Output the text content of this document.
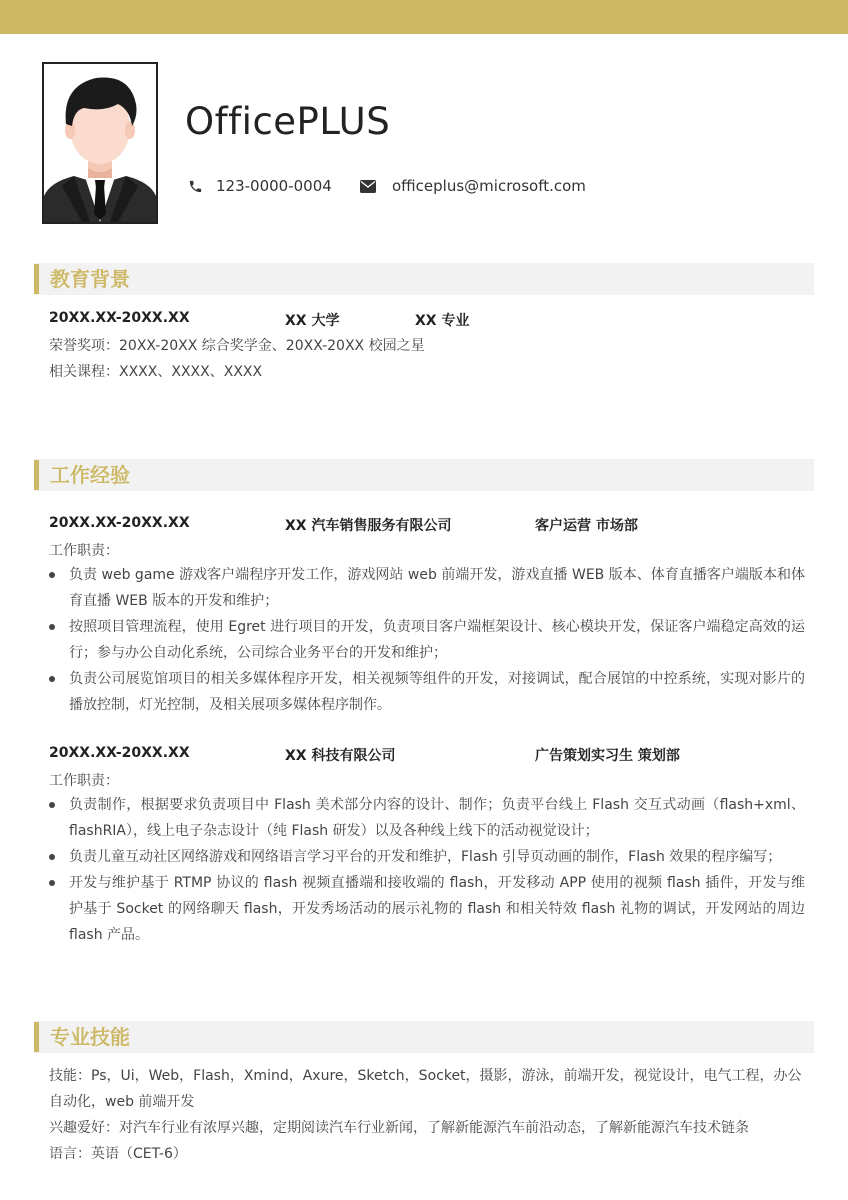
OfficePLUS
123-0000-0004	officeplus@microsoft.com
教育背景
20XX.XX-20XX.XX	XX 大学	XX 专业
荣誉奖项：20XX-20XX 综合奖学金、20XX-20XX 校园之星
相关课程：XXXX、XXXX、XXXX
工作经验
20XX.XX-20XX.XX	XX 汽车销售服务有限公司	客户运营 市场部
工作职责：
负责 web game 游戏客户端程序开发工作，游戏网站 web 前端开发，游戏直播 WEB 版本、体育直播客户端版本和体育直播 WEB 版本的开发和维护；
按照项目管理流程，使用 Egret 进行项目的开发，负责项目客户端框架设计、核心模块开发，保证客户端稳定高效的运行；参与办公自动化系统，公司综合业务平台的开发和维护；
负责公司展览馆项目的相关多媒体程序开发，相关视频等组件的开发，对接调试，配合展馆的中控系统，实现对影片的播放控制，灯光控制，及相关展项多媒体程序制作。
20XX.XX-20XX.XX	XX 科技有限公司	广告策划实习生 策划部
工作职责：
负责制作，根据要求负责项目中 Flash 美术部分内容的设计、制作；负责平台线上 Flash 交互式动画（flash+xml、flashRIA），线上电子杂志设计（纯 Flash 研发）以及各种线上线下的活动视觉设计；
负责儿童互动社区网络游戏和网络语言学习平台的开发和维护，Flash 引导页动画的制作，Flash 效果的程序编写；
开发与维护基于 RTMP 协议的 flash 视频直播端和接收端的 flash，开发移动 APP 使用的视频 flash 插件，开发与维护基于 Socket 的网络聊天 flash，开发秀场活动的展示礼物的 flash 和相关特效 flash 礼物的调试，开发网站的周边 flash 产品。
专业技能
技能：Ps，Ui，Web，Flash，Xmind，Axure，Sketch，Socket，摄影，游泳，前端开发，视觉设计，电气工程，办公自动化，web 前端开发
兴趣爱好：对汽车行业有浓厚兴趣，定期阅读汽车行业新闻，了解新能源汽车前沿动态，了解新能源汽车技术链条
语言：英语（CET-6）
